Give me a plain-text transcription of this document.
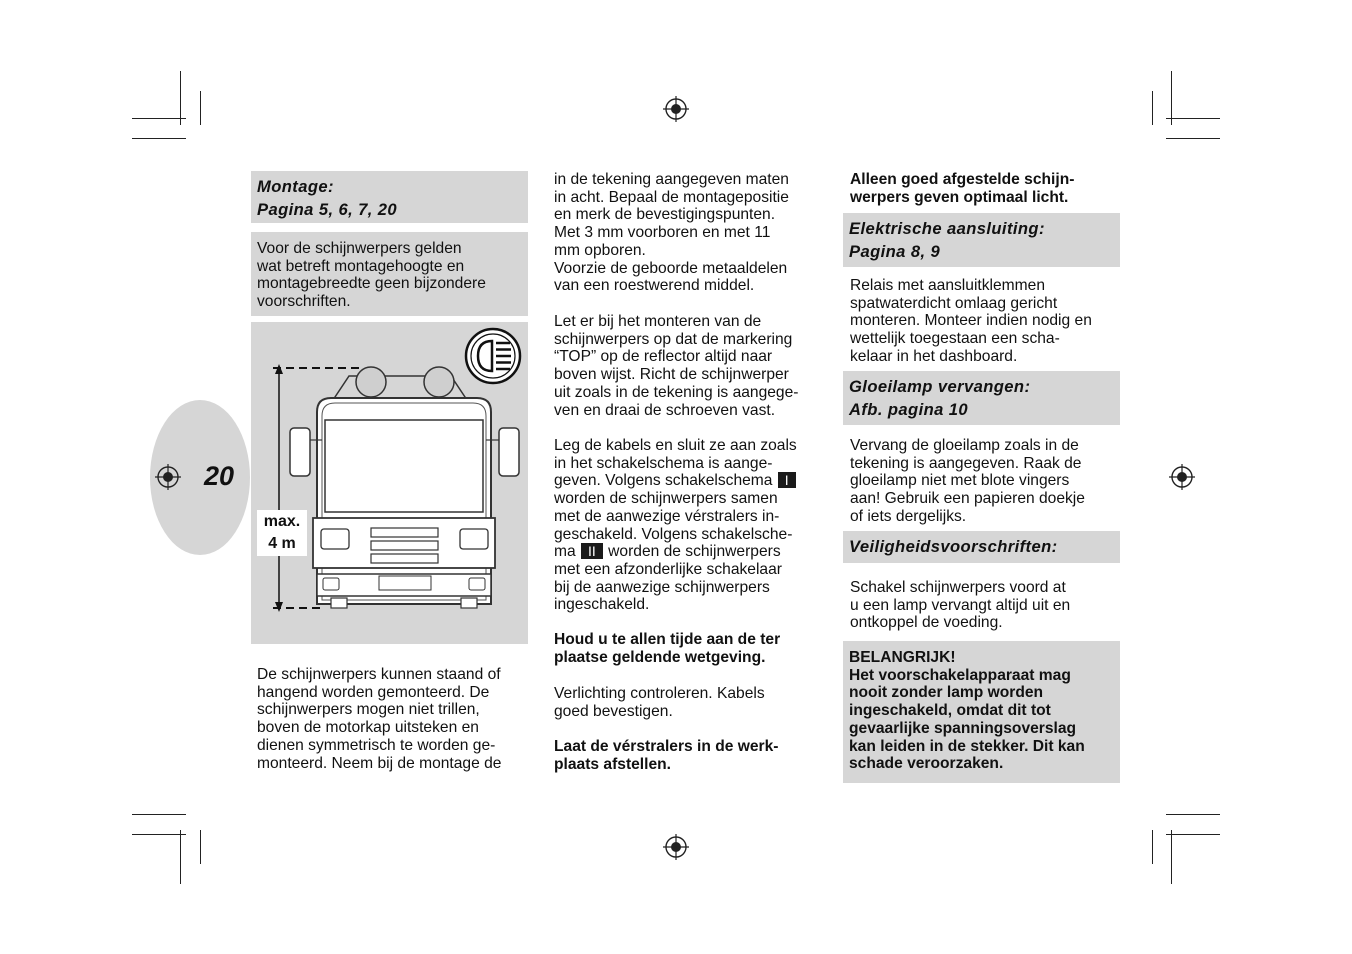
20
Montage:
Pagina 5, 6, 7, 20
Voor de schijnwerpers gelden
wat betreft montagehoogte en
montagebreedte geen bijzondere
voorschriften.
max.
4 m
De schijnwerpers kunnen staand of
hangend worden gemonteerd. De
schijnwerpers mogen niet trillen,
boven de motorkap uitsteken en
dienen symmetrisch te worden ge-
monteerd. Neem bij de montage de
in de tekening aangegeven maten
in acht. Bepaal de montagepositie
en merk de bevestigingspunten.
Met 3 mm voorboren en met 11
mm opboren.
Voorzie de geboorde metaaldelen
van een roestwerend middel.
Let er bij het monteren van de
schijnwerpers op dat de markering
“TOP” op de reflector altijd naar
boven wijst. Richt de schijnwerper
uit zoals in de tekening is aangege-
ven en draai de schroeven vast.
Leg de kabels en sluit ze aan zoals
in het schakelschema is aange-
geven. Volgens schakelschema I
worden de schijnwerpers samen
met de aanwezige vérstralers in-
geschakeld. Volgens schakelsche-
ma II worden de schijnwerpers
met een afzonderlijke schakelaar
bij de aanwezige schijnwerpers
ingeschakeld.
Houd u te allen tijde aan de ter
plaatse geldende wetgeving.
Verlichting controleren. Kabels
goed bevestigen.
Laat de vérstralers in de werk-
plaats afstellen.
Alleen goed afgestelde schijn-
werpers geven optimaal licht.
Elektrische aansluiting:
Pagina 8, 9
Relais met aansluitklemmen
spatwaterdicht omlaag gericht
monteren. Monteer indien nodig en
wettelijk toegestaan een scha-
kelaar in het dashboard.
Gloeilamp vervangen:
Afb. pagina 10
Vervang de gloeilamp zoals in de
tekening is aangegeven. Raak de
gloeilamp niet met blote vingers
aan! Gebruik een papieren doekje
of iets dergelijks.
Veiligheidsvoorschriften:
Schakel schijnwerpers voord at
u een lamp vervangt altijd uit en
ontkoppel de voeding.
BELANGRIJK!
Het voorschakelapparaat mag
nooit zonder lamp worden
ingeschakeld, omdat dit tot
gevaarlijke spanningsoverslag
kan leiden in de stekker. Dit kan
schade veroorzaken.
